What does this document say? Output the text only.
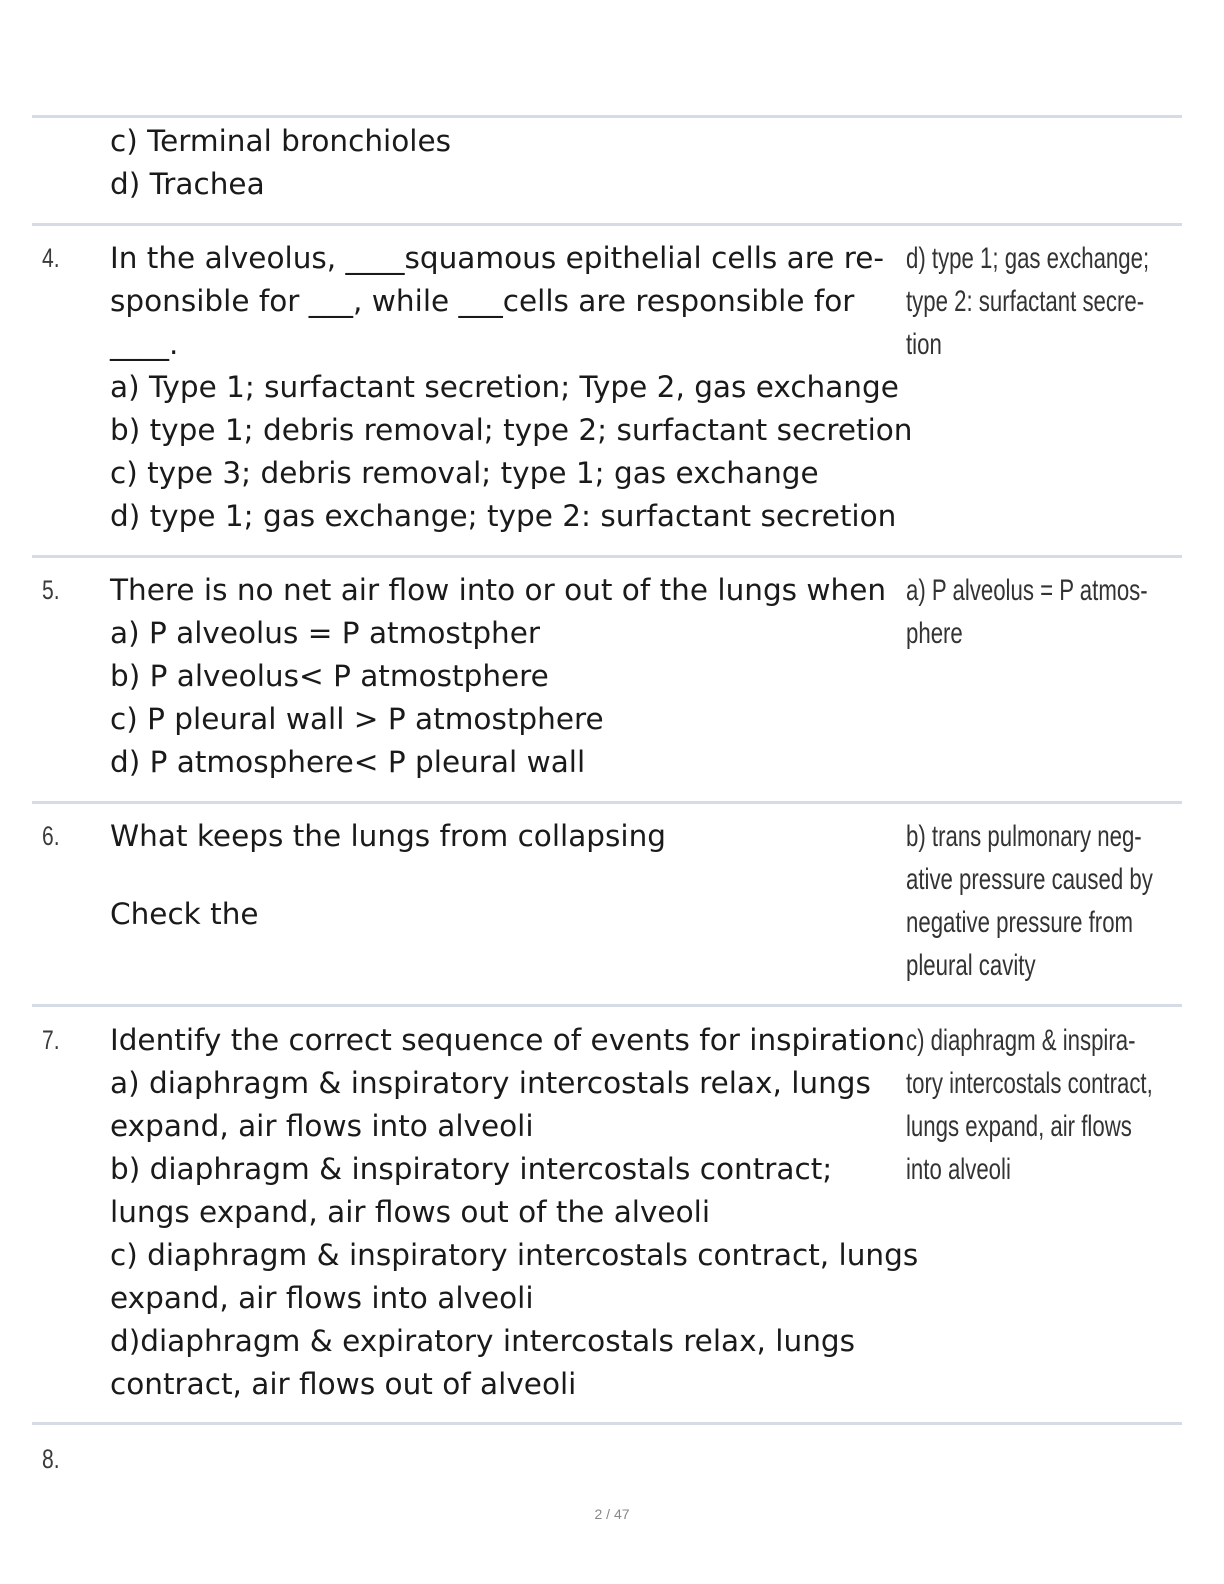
c) Terminal bronchioles
d) Trachea
4. In the alveolus, ____squamous epithelial cells are re-
sponsible for ___, while ___cells are responsible for
____.
a) Type 1; surfactant secretion; Type 2, gas exchange
b) type 1; debris removal; type 2; surfactant secretion
c) type 3; debris removal; type 1; gas exchange
d) type 1; gas exchange; type 2: surfactant secretion
d) type 1; gas exchange;
type 2: surfactant secre-
tion
5. There is no net air flow into or out of the lungs when
a) P alveolus = P atmostpher
b) P alveolus< P atmostphere
c) P pleural wall > P atmostphere
d) P atmosphere< P pleural wall
a) P alveolus = P atmos-
phere
6. What keeps the lungs from collapsing
Check the
b) trans pulmonary neg-
ative pressure caused by
negative pressure from
pleural cavity
7. Identify the correct sequence of events for inspiration
a) diaphragm & inspiratory intercostals relax, lungs
expand, air flows into alveoli
b) diaphragm & inspiratory intercostals contract;
lungs expand, air flows out of the alveoli
c) diaphragm & inspiratory intercostals contract, lungs
expand, air flows into alveoli
d)diaphragm & expiratory intercostals relax, lungs
contract, air flows out of alveoli
c) diaphragm & inspira-
tory intercostals contract,
lungs expand, air flows
into alveoli
8.
2 / 47
